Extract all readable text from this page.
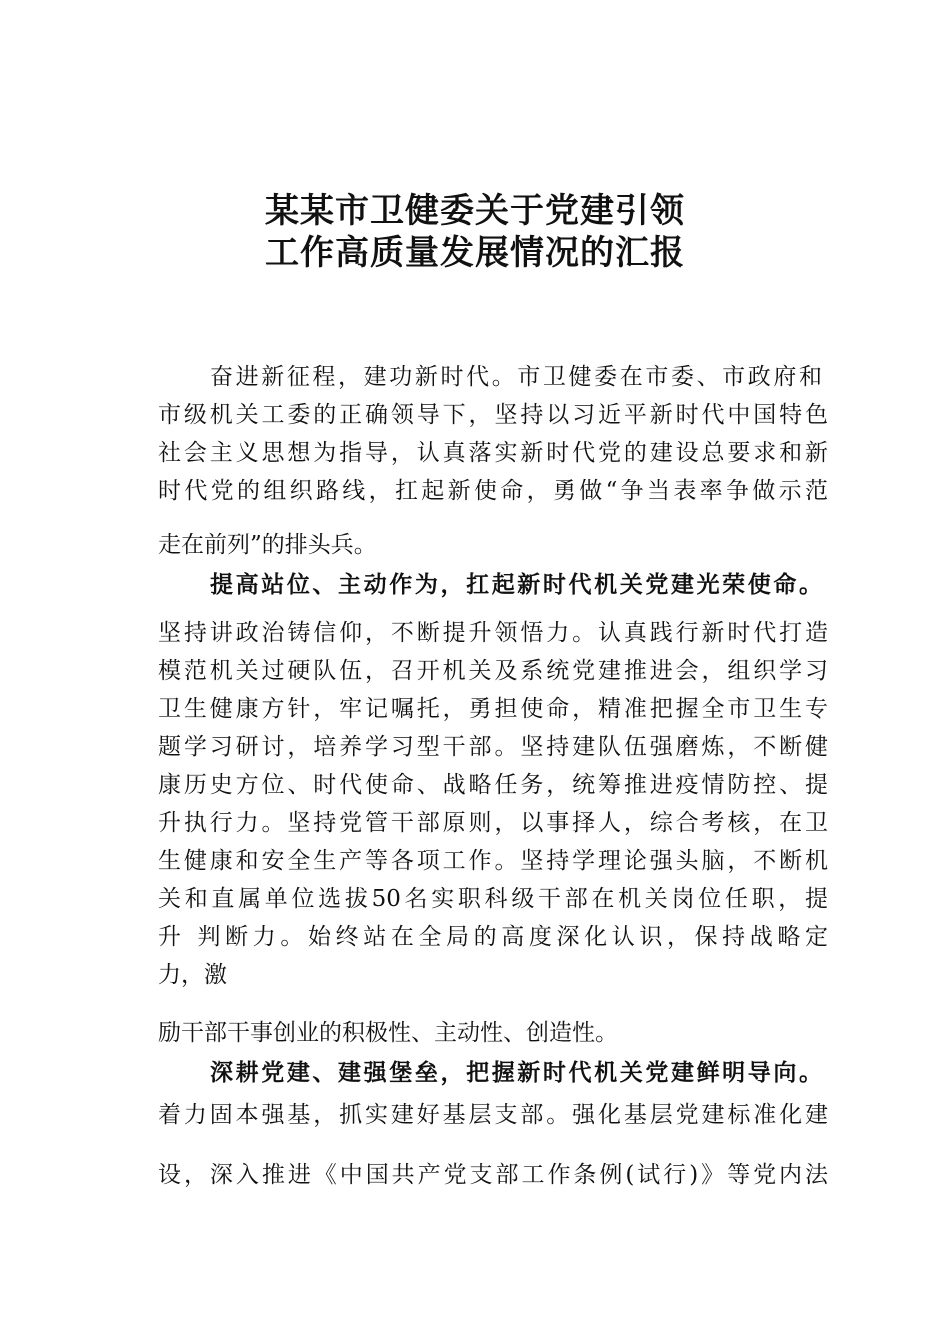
某某市卫健委关于党建引领
工作高质量发展情况的汇报

奋进新征程，建功新时代。市卫健委在市委、市政府和

市级机关工委的正确领导下，坚持以习近平新时代中国特色

社会主义思想为指导，认真落实新时代党的建设总要求和新

时代党的组织路线，扛起新使命，勇做“争当表率争做示范

走在前列”的排头兵。

提高站位、主动作为，扛起新时代机关党建光荣使命。

坚持讲政治铸信仰，不断提升领悟力。认真践行新时代打造

模范机关过硬队伍，召开机关及系统党建推进会，组织学习

卫生健康方针，牢记嘱托，勇担使命，精准把握全市卫生专

题学习研讨，培养学习型干部。坚持建队伍强磨炼，不断健

康历史方位、时代使命、战略任务，统筹推进疫情防控、提

升执行力。坚持党管干部原则，以事择人，综合考核，在卫

生健康和安全生产等各项工作。坚持学理论强头脑，不断机

关和直属单位选拔50名实职科级干部在机关岗位任职，提

升 判断力。始终站在全局的高度深化认识，保持战略定

力，激

励干部干事创业的积极性、主动性、创造性。

深耕党建、建强堡垒，把握新时代机关党建鲜明导向。

着力固本强基，抓实建好基层支部。强化基层党建标准化建

设，深入推进《中国共产党支部工作条例(试行)》等党内法
